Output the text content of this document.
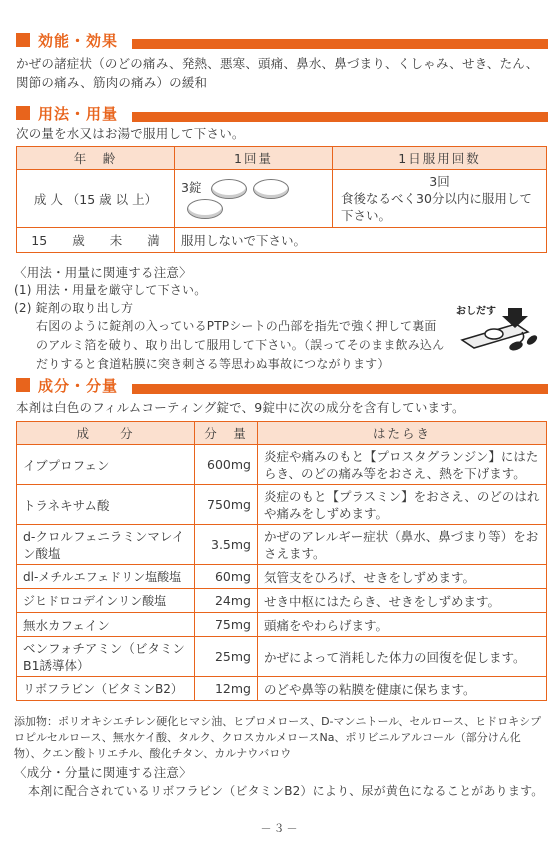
効能・効果
かぜの諸症状（のどの痛み、発熱、悪寒、頭痛、鼻水、鼻づまり、くしゃみ、せき、たん、関節の痛み、筋肉の痛み）の緩和
用法・用量
次の量を水又はお湯で服用して下さい。
年　齢	1回量	1日服用回数
成 人 （15 歳 以 上）	3錠	3回
食後なるべく30分以内に服用して下さい。

15　　歳　　未　　満	服用しないで下さい。	
〈用法・用量に関連する注意〉
(1) 用法・用量を厳守して下さい。
(2) 錠剤の取り出し方
右図のように錠剤の入っているPTPシートの凸部を指先で強く押して裏面のアルミ箔を破り、取り出して服用して下さい。（誤ってそのまま飲み込んだりすると食道粘膜に突き刺さる等思わぬ事故につながります）
おしだす
成分・分量
本剤は白色のフィルムコーティング錠で、9錠中に次の成分を含有しています。
成　　分	分　量	はたらき
イブプロフェン	600mg	炎症や痛みのもと【プロスタグランジン】にはたらき、のどの痛み等をおさえ、熱を下げます。
トラネキサム酸	750mg	炎症のもと【プラスミン】をおさえ、のどのはれや痛みをしずめます。
d-クロルフェニラミンマレイン酸塩	3.5mg	かぜのアレルギー症状（鼻水、鼻づまり等）をおさえます。
dl-メチルエフェドリン塩酸塩	60mg	気管支をひろげ、せきをしずめます。
ジヒドロコデインリン酸塩	24mg	せき中枢にはたらき、せきをしずめます。
無水カフェイン	75mg	頭痛をやわらげます。
ベンフォチアミン（ビタミンB1誘導体）	25mg	かぜによって消耗した体力の回復を促します。
リボフラビン（ビタミンB2）	12mg	のどや鼻等の粘膜を健康に保ちます。
添加物：ポリオキシエチレン硬化ヒマシ油、ヒプロメロース、D-マンニトール、セルロース、ヒドロキシプロピルセルロース、無水ケイ酸、タルク、クロスカルメロースNa、ポリビニルアルコール（部分けん化物）、クエン酸トリエチル、酸化チタン、カルナウバロウ
〈成分・分量に関連する注意〉
本剤に配合されているリボフラビン（ビタミンB2）により、尿が黄色になることがあります。
－３－
